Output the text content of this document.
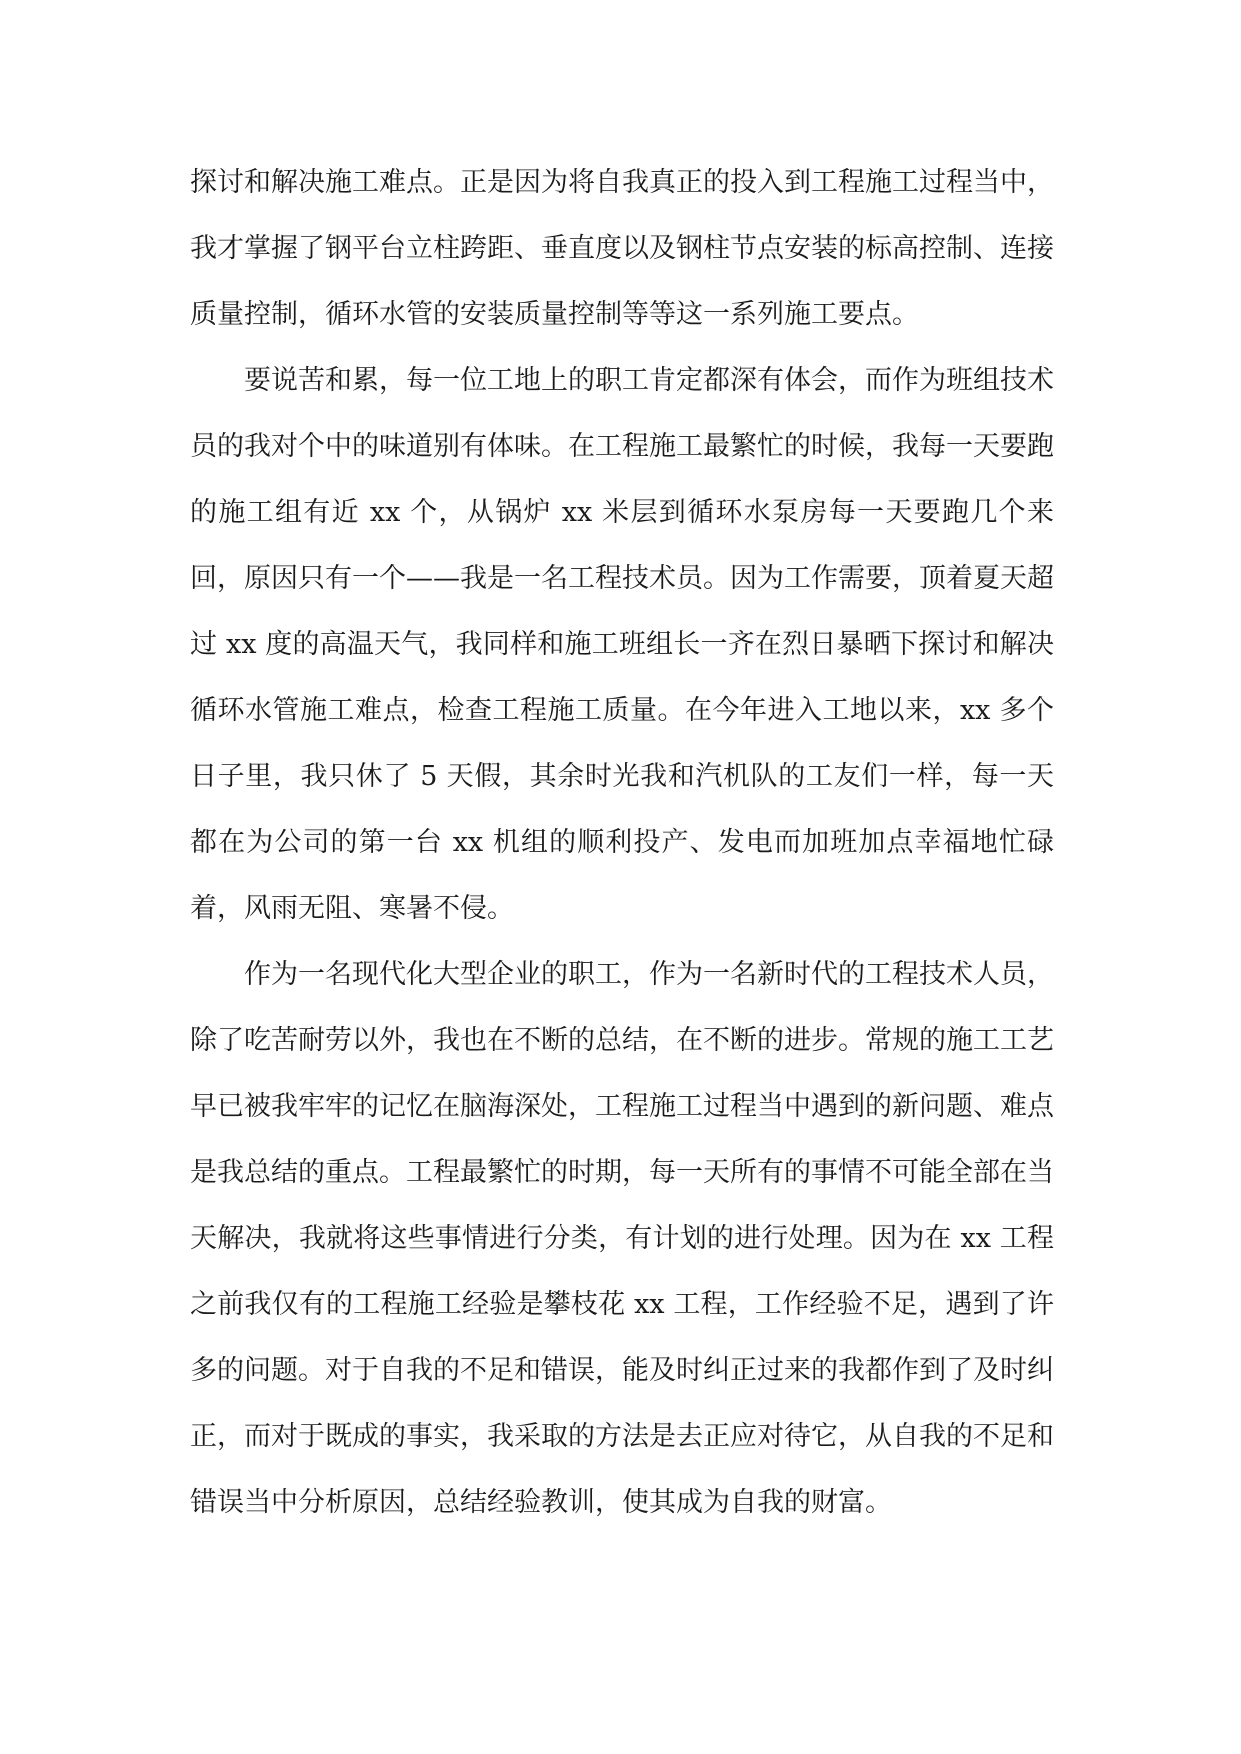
探讨和解决施工难点。正是因为将自我真正的投入到工程施工过程当中，我才掌握了钢平台立柱跨距、垂直度以及钢柱节点安装的标高控制、连接质量控制，循环水管的安装质量控制等等这一系列施工要点。

要说苦和累，每一位工地上的职工肯定都深有体会，而作为班组技术员的我对个中的味道别有体味。在工程施工最繁忙的时候，我每一天要跑的施工组有近 xx 个，从锅炉 xx 米层到循环水泵房每一天要跑几个来回，原因只有一个——我是一名工程技术员。因为工作需要，顶着夏天超过 xx 度的高温天气，我同样和施工班组长一齐在烈日暴晒下探讨和解决循环水管施工难点，检查工程施工质量。在今年进入工地以来，xx 多个日子里，我只休了 5 天假，其余时光我和汽机队的工友们一样，每一天都在为公司的第一台 xx 机组的顺利投产、发电而加班加点幸福地忙碌着，风雨无阻、寒暑不侵。

作为一名现代化大型企业的职工，作为一名新时代的工程技术人员，除了吃苦耐劳以外，我也在不断的总结，在不断的进步。常规的施工工艺早已被我牢牢的记忆在脑海深处，工程施工过程当中遇到的新问题、难点是我总结的重点。工程最繁忙的时期，每一天所有的事情不可能全部在当天解决，我就将这些事情进行分类，有计划的进行处理。因为在 xx 工程之前我仅有的工程施工经验是攀枝花 xx 工程，工作经验不足，遇到了许多的问题。对于自我的不足和错误，能及时纠正过来的我都作到了及时纠正，而对于既成的事实，我采取的方法是去正应对待它，从自我的不足和错误当中分析原因，总结经验教训，使其成为自我的财富。
